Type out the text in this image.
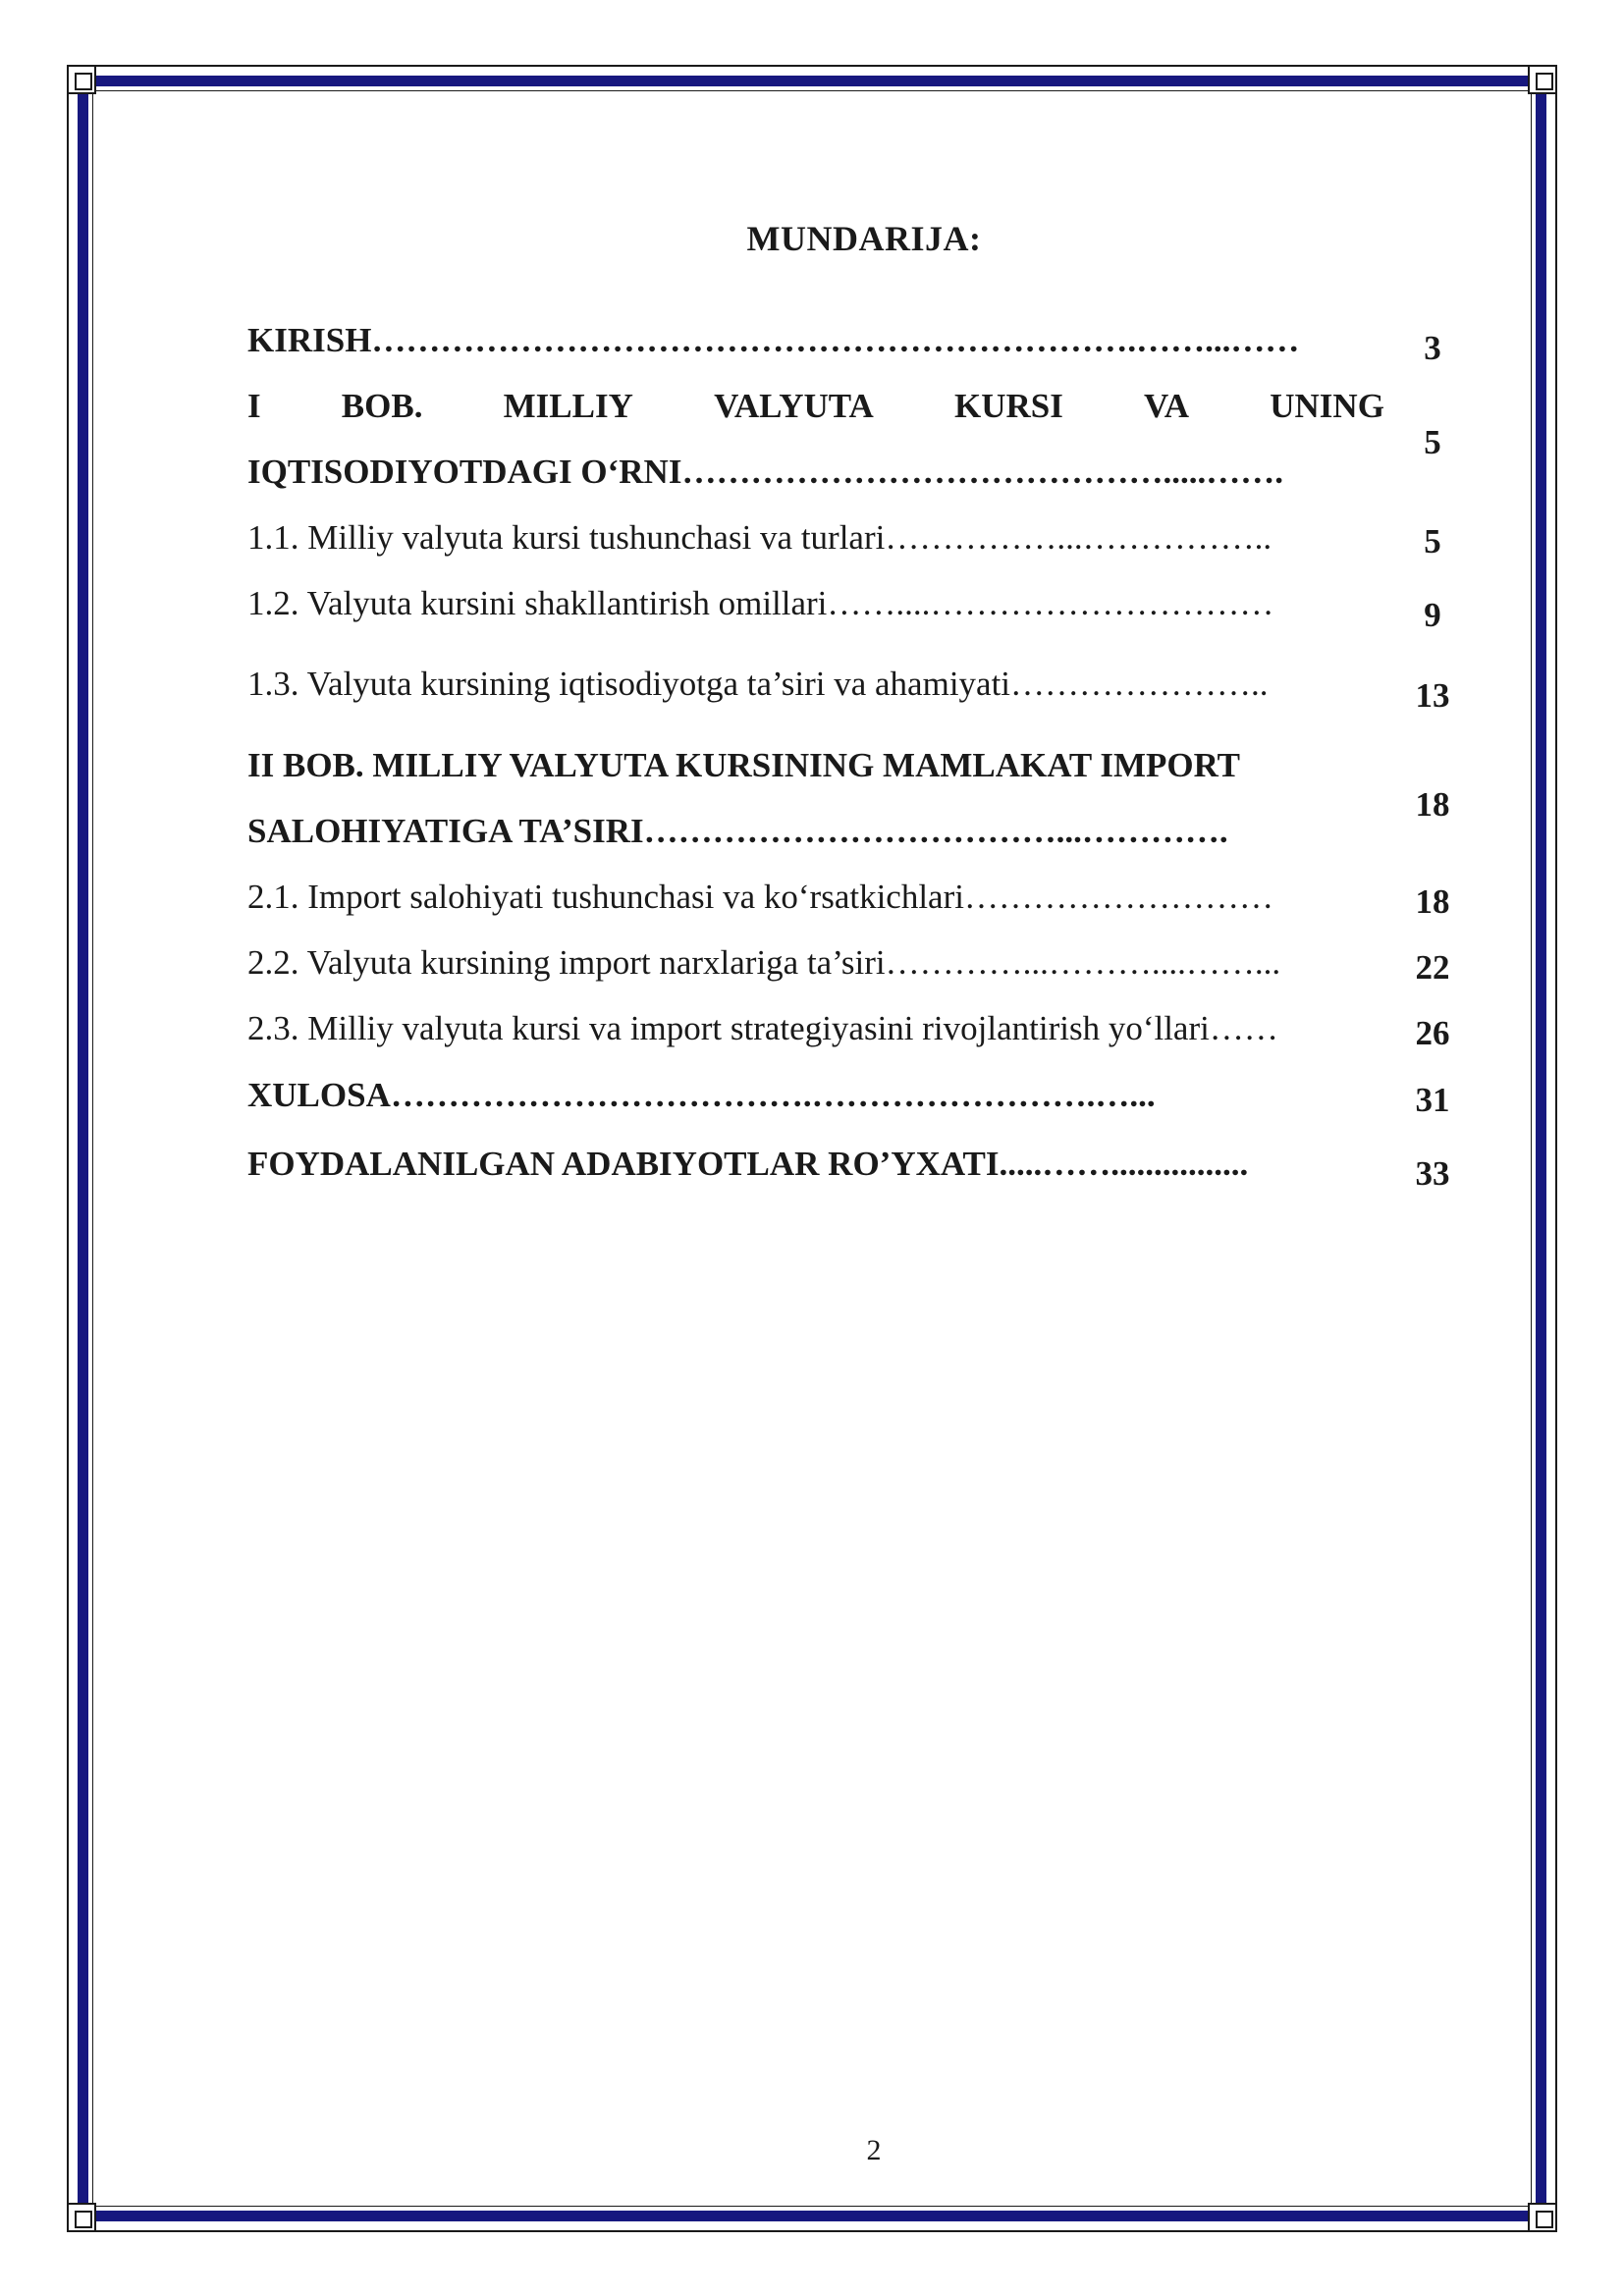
MUNDARIJA:
KIRISH………………………………………………………….……...……	3
I BOB. MILLIY VALYUTA KURSI VA UNING
IQTISODIYOTDAGI O‘RNI…………………………………….....…….
5
1.1. Milliy valyuta kursi tushunchasi va turlari……………...……………..	5
1.2. Valyuta kursini shakllantirish omillari……....…………………………	9
1.3. Valyuta kursining iqtisodiyotga ta’siri va ahamiyati…………………..	13
II BOB. MILLIY VALYUTA KURSINING MAMLAKAT IMPORT
SALOHIYATIGA TA’SIRI………………………………...………….
18
2.1. Import salohiyati tushunchasi va ko‘rsatkichlari………………………	18
2.2. Valyuta kursining import narxlariga ta’siri…………...………....……...	22
2.3. Milliy valyuta kursi va import strategiyasini rivojlantirish yo‘llari……	26
XULOSA……………………………….…………………….…...	31
FOYDALANILGAN ADABIYOTLAR RO’YXATI.....……................	33
2
